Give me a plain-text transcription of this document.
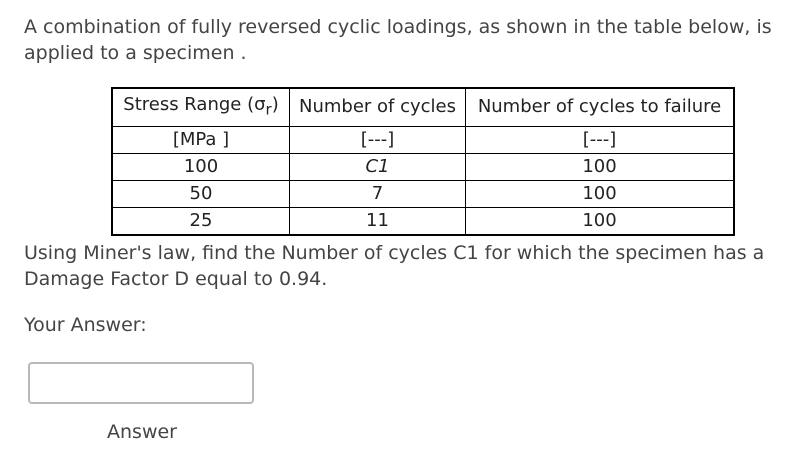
A combination of fully reversed cyclic loadings, as shown in the table below, is applied to a specimen .
Stress Range $(\sigma_r)$	Number of cycles	Number of cycles to failure
[MPa ]	[---]	[---]
100	C1	100
50	7	100
25	11	100
Using Miner's law, find the Number of cycles C1 for which the specimen has a Damage Factor D equal to 0.94.
Your Answer:
Answer
